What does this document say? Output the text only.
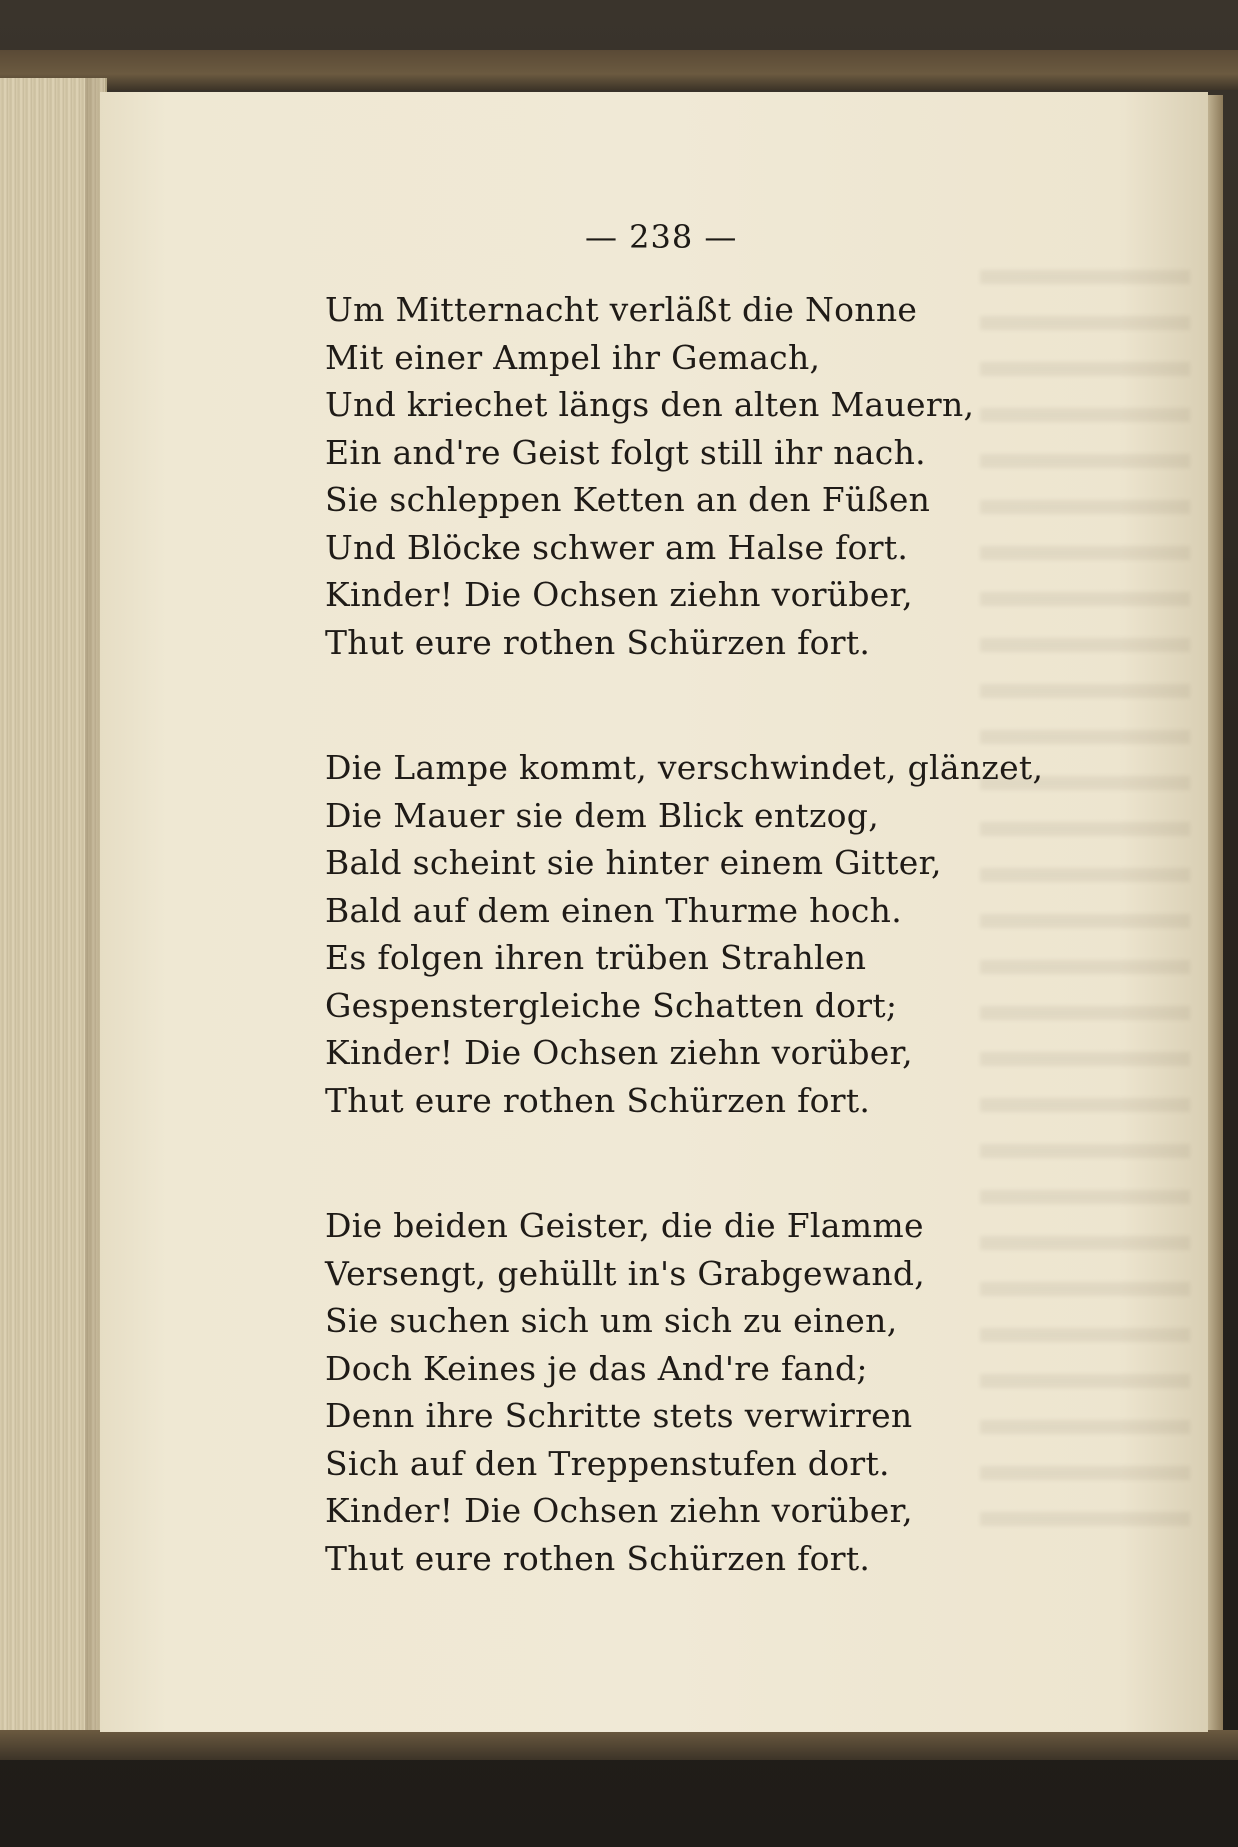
— 238 —
Um Mitternacht verläßt die Nonne
Mit einer Ampel ihr Gemach,
Und kriechet längs den alten Mauern,
Ein and're Geist folgt still ihr nach.
Sie schleppen Ketten an den Füßen
Und Blöcke schwer am Halse fort.
Kinder! Die Ochsen ziehn vorüber,
Thut eure rothen Schürzen fort.
Die Lampe kommt, verschwindet, glänzet,
Die Mauer sie dem Blick entzog,
Bald scheint sie hinter einem Gitter,
Bald auf dem einen Thurme hoch.
Es folgen ihren trüben Strahlen
Gespenstergleiche Schatten dort;
Kinder! Die Ochsen ziehn vorüber,
Thut eure rothen Schürzen fort.
Die beiden Geister, die die Flamme
Versengt, gehüllt in's Grabgewand,
Sie suchen sich um sich zu einen,
Doch Keines je das And're fand;
Denn ihre Schritte stets verwirren
Sich auf den Treppenstufen dort.
Kinder! Die Ochsen ziehn vorüber,
Thut eure rothen Schürzen fort.
